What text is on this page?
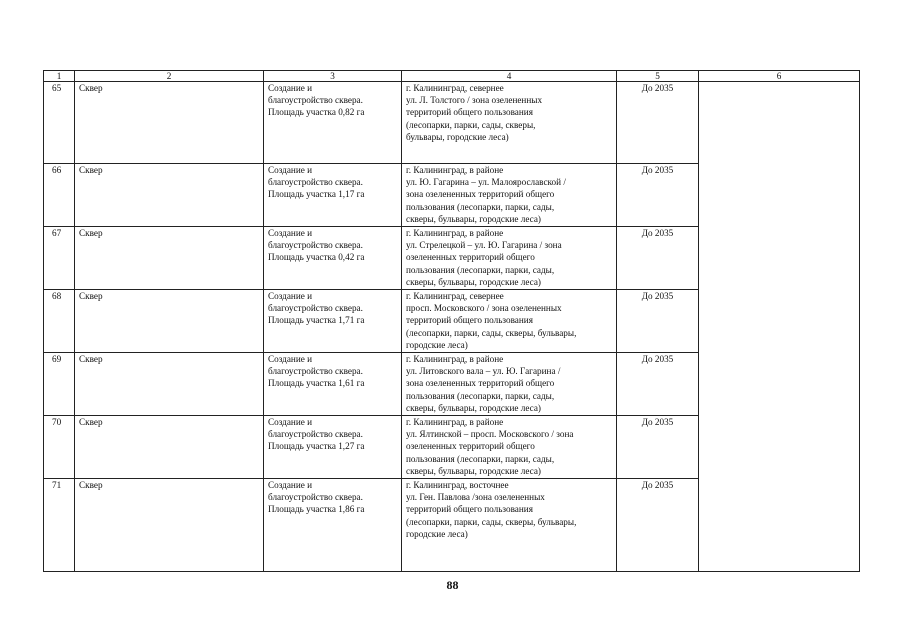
1	2	3	4	5	6
65	Сквер	Создание и
благоустройство сквера.
Площадь участка 0,82 га	г. Калининград, севернее
ул. Л. Толстого / зона озелененных
территорий общего пользования
(лесопарки, парки, сады, скверы,
бульвары, городские леса)	До 2035	
66	Сквер	Создание и
благоустройство сквера.
Площадь участка 1,17 га	г. Калининград, в районе
ул. Ю. Гагарина – ул. Малоярославской /
зона озелененных территорий общего
пользования (лесопарки, парки, сады,
скверы, бульвары, городские леса)	До 2035	
67	Сквер	Создание и
благоустройство сквера.
Площадь участка 0,42 га	г. Калининград, в районе
ул. Стрелецкой – ул. Ю. Гагарина / зона
озелененных территорий общего
пользования (лесопарки, парки, сады,
скверы, бульвары, городские леса)	До 2035	
68	Сквер	Создание и
благоустройство сквера.
Площадь участка 1,71 га	г. Калининград, севернее
просп. Московского / зона озелененных
территорий общего пользования
(лесопарки, парки, сады, скверы, бульвары,
городские леса)	До 2035	
69	Сквер	Создание и
благоустройство сквера.
Площадь участка 1,61 га	г. Калининград, в районе
ул. Литовского вала – ул. Ю. Гагарина /
зона озелененных территорий общего
пользования (лесопарки, парки, сады,
скверы, бульвары, городские леса)	До 2035	
70	Сквер	Создание и
благоустройство сквера.
Площадь участка 1,27 га	г. Калининград, в районе
ул. Ялтинской – просп. Московского / зона
озелененных территорий общего
пользования (лесопарки, парки, сады,
скверы, бульвары, городские леса)	До 2035	
71	Сквер	Создание и
благоустройство сквера.
Площадь участка 1,86 га	г. Калининград, восточнее
ул. Ген. Павлова /зона озелененных
территорий общего пользования
(лесопарки, парки, сады, скверы, бульвары,
городские леса)	До 2035	
88
